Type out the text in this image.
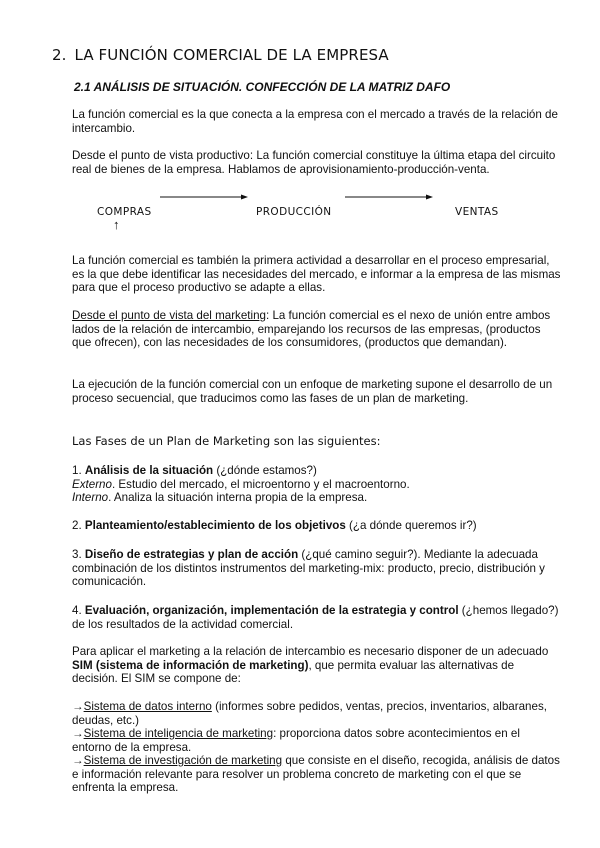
2. LA FUNCIÓN COMERCIAL DE LA EMPRESA
2.1 ANÁLISIS DE SITUACIÓN. CONFECCIÓN DE LA MATRIZ DAFO
La función comercial es la que conecta a la empresa con el mercado a través de la relación de intercambio.
Desde el punto de vista productivo: La función comercial constituye la última etapa del circuito real de bienes de la empresa. Hablamos de aprovisionamiento-producción-venta.
COMPRAS	PRODUCCIÓN	VENTAS
↑
La función comercial es también la primera actividad a desarrollar en el proceso empresarial, es la que debe identificar las necesidades del mercado, e informar a la empresa de las mismas para que el proceso productivo se adapte a ellas.
Desde el punto de vista del marketing: La función comercial es el nexo de unión entre ambos lados de la relación de intercambio, emparejando los recursos de las empresas, (productos que ofrecen), con las necesidades de los consumidores, (productos que demandan).
La ejecución de la función comercial con un enfoque de marketing supone el desarrollo de un proceso secuencial, que traducimos como las fases de un plan de marketing.
Las Fases de un Plan de Marketing son las siguientes:
1. Análisis de la situación (¿dónde estamos?)
Externo. Estudio del mercado, el microentorno y el macroentorno.
Interno. Analiza la situación interna propia de la empresa.
2. Planteamiento/establecimiento de los objetivos (¿a dónde queremos ir?)
3. Diseño de estrategias y plan de acción (¿qué camino seguir?). Mediante la adecuada combinación de los distintos instrumentos del marketing-mix: producto, precio, distribución y comunicación.
4. Evaluación, organización, implementación de la estrategia y control (¿hemos llegado?) de los resultados de la actividad comercial.
Para aplicar el marketing a la relación de intercambio es necesario disponer de un adecuado SIM (sistema de información de marketing), que permita evaluar las alternativas de decisión. El SIM se compone de:
→Sistema de datos interno (informes sobre pedidos, ventas, precios, inventarios, albaranes, deudas, etc.)
→Sistema de inteligencia de marketing: proporciona datos sobre acontecimientos en el entorno de la empresa.
→Sistema de investigación de marketing que consiste en el diseño, recogida, análisis de datos e información relevante para resolver un problema concreto de marketing con el que se enfrenta la empresa.
